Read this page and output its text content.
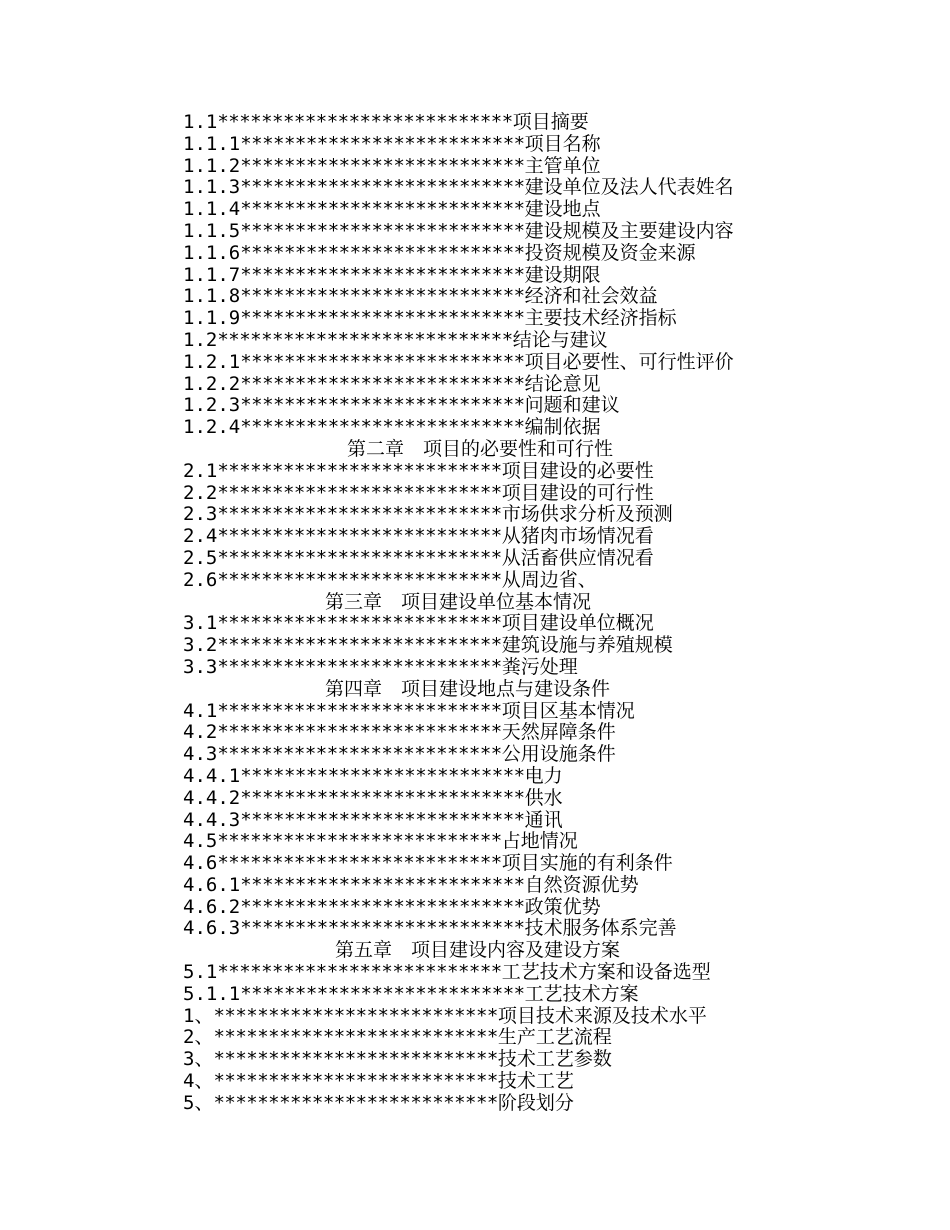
1.1***************************项目摘要
1.1.1**************************项目名称
1.1.2**************************主管单位
1.1.3**************************建设单位及法人代表姓名
1.1.4**************************建设地点
1.1.5**************************建设规模及主要建设内容
1.1.6**************************投资规模及资金来源
1.1.7**************************建设期限
1.1.8**************************经济和社会效益
1.1.9**************************主要技术经济指标
1.2***************************结论与建议
1.2.1**************************项目必要性、可行性评价
1.2.2**************************结论意见
1.2.3**************************问题和建议
1.2.4**************************编制依据
第二章　项目的必要性和可行性
2.1**************************项目建设的必要性
2.2**************************项目建设的可行性
2.3**************************市场供求分析及预测
2.4**************************从猪肉市场情况看
2.5**************************从活畜供应情况看
2.6**************************从周边省、
第三章　项目建设单位基本情况
3.1**************************项目建设单位概况
3.2**************************建筑设施与养殖规模
3.3**************************粪污处理
第四章　项目建设地点与建设条件
4.1**************************项目区基本情况
4.2**************************天然屏障条件
4.3**************************公用设施条件
4.4.1**************************电力
4.4.2**************************供水
4.4.3**************************通讯
4.5**************************占地情况
4.6**************************项目实施的有利条件
4.6.1**************************自然资源优势
4.6.2**************************政策优势
4.6.3**************************技术服务体系完善
第五章　项目建设内容及建设方案
5.1**************************工艺技术方案和设备选型
5.1.1**************************工艺技术方案
1、**************************项目技术来源及技术水平
2、**************************生产工艺流程
3、**************************技术工艺参数
4、**************************技术工艺
5、**************************阶段划分
